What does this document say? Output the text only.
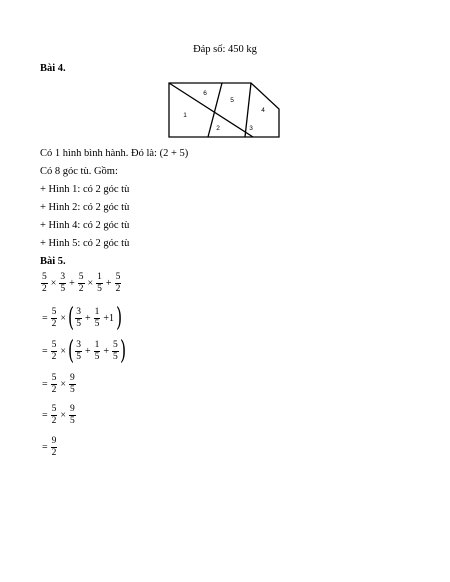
Đáp số: 450 kg
Bài 4.
1
2	3
4
5
6
Có 1 hình bình hành. Đó là: (2 + 5)
Có 8 góc tù. Gồm:
+ Hình 1: có 2 góc tù
+ Hình 2: có 2 góc tù
+ Hình 4: có 2 góc tù
+ Hình 5: có 2 góc tù
Bài 5.
$\frac{5}{2} \times \frac{3}{5} + \frac{5}{2} \times \frac{1}{5} + \frac{5}{2}$
= $\frac{5}{2}$ × ( $\frac{3}{5} + \frac{1}{5} +1$ )
= $\frac{5}{2}$ × ( $\frac{3}{5} + \frac{1}{5} + \frac{5}{5}$ )
= $\frac{5}{2} \times \frac{9}{5}$
= $\frac{5}{2} \times \frac{9}{5}$
= $\frac{9}{2}$
